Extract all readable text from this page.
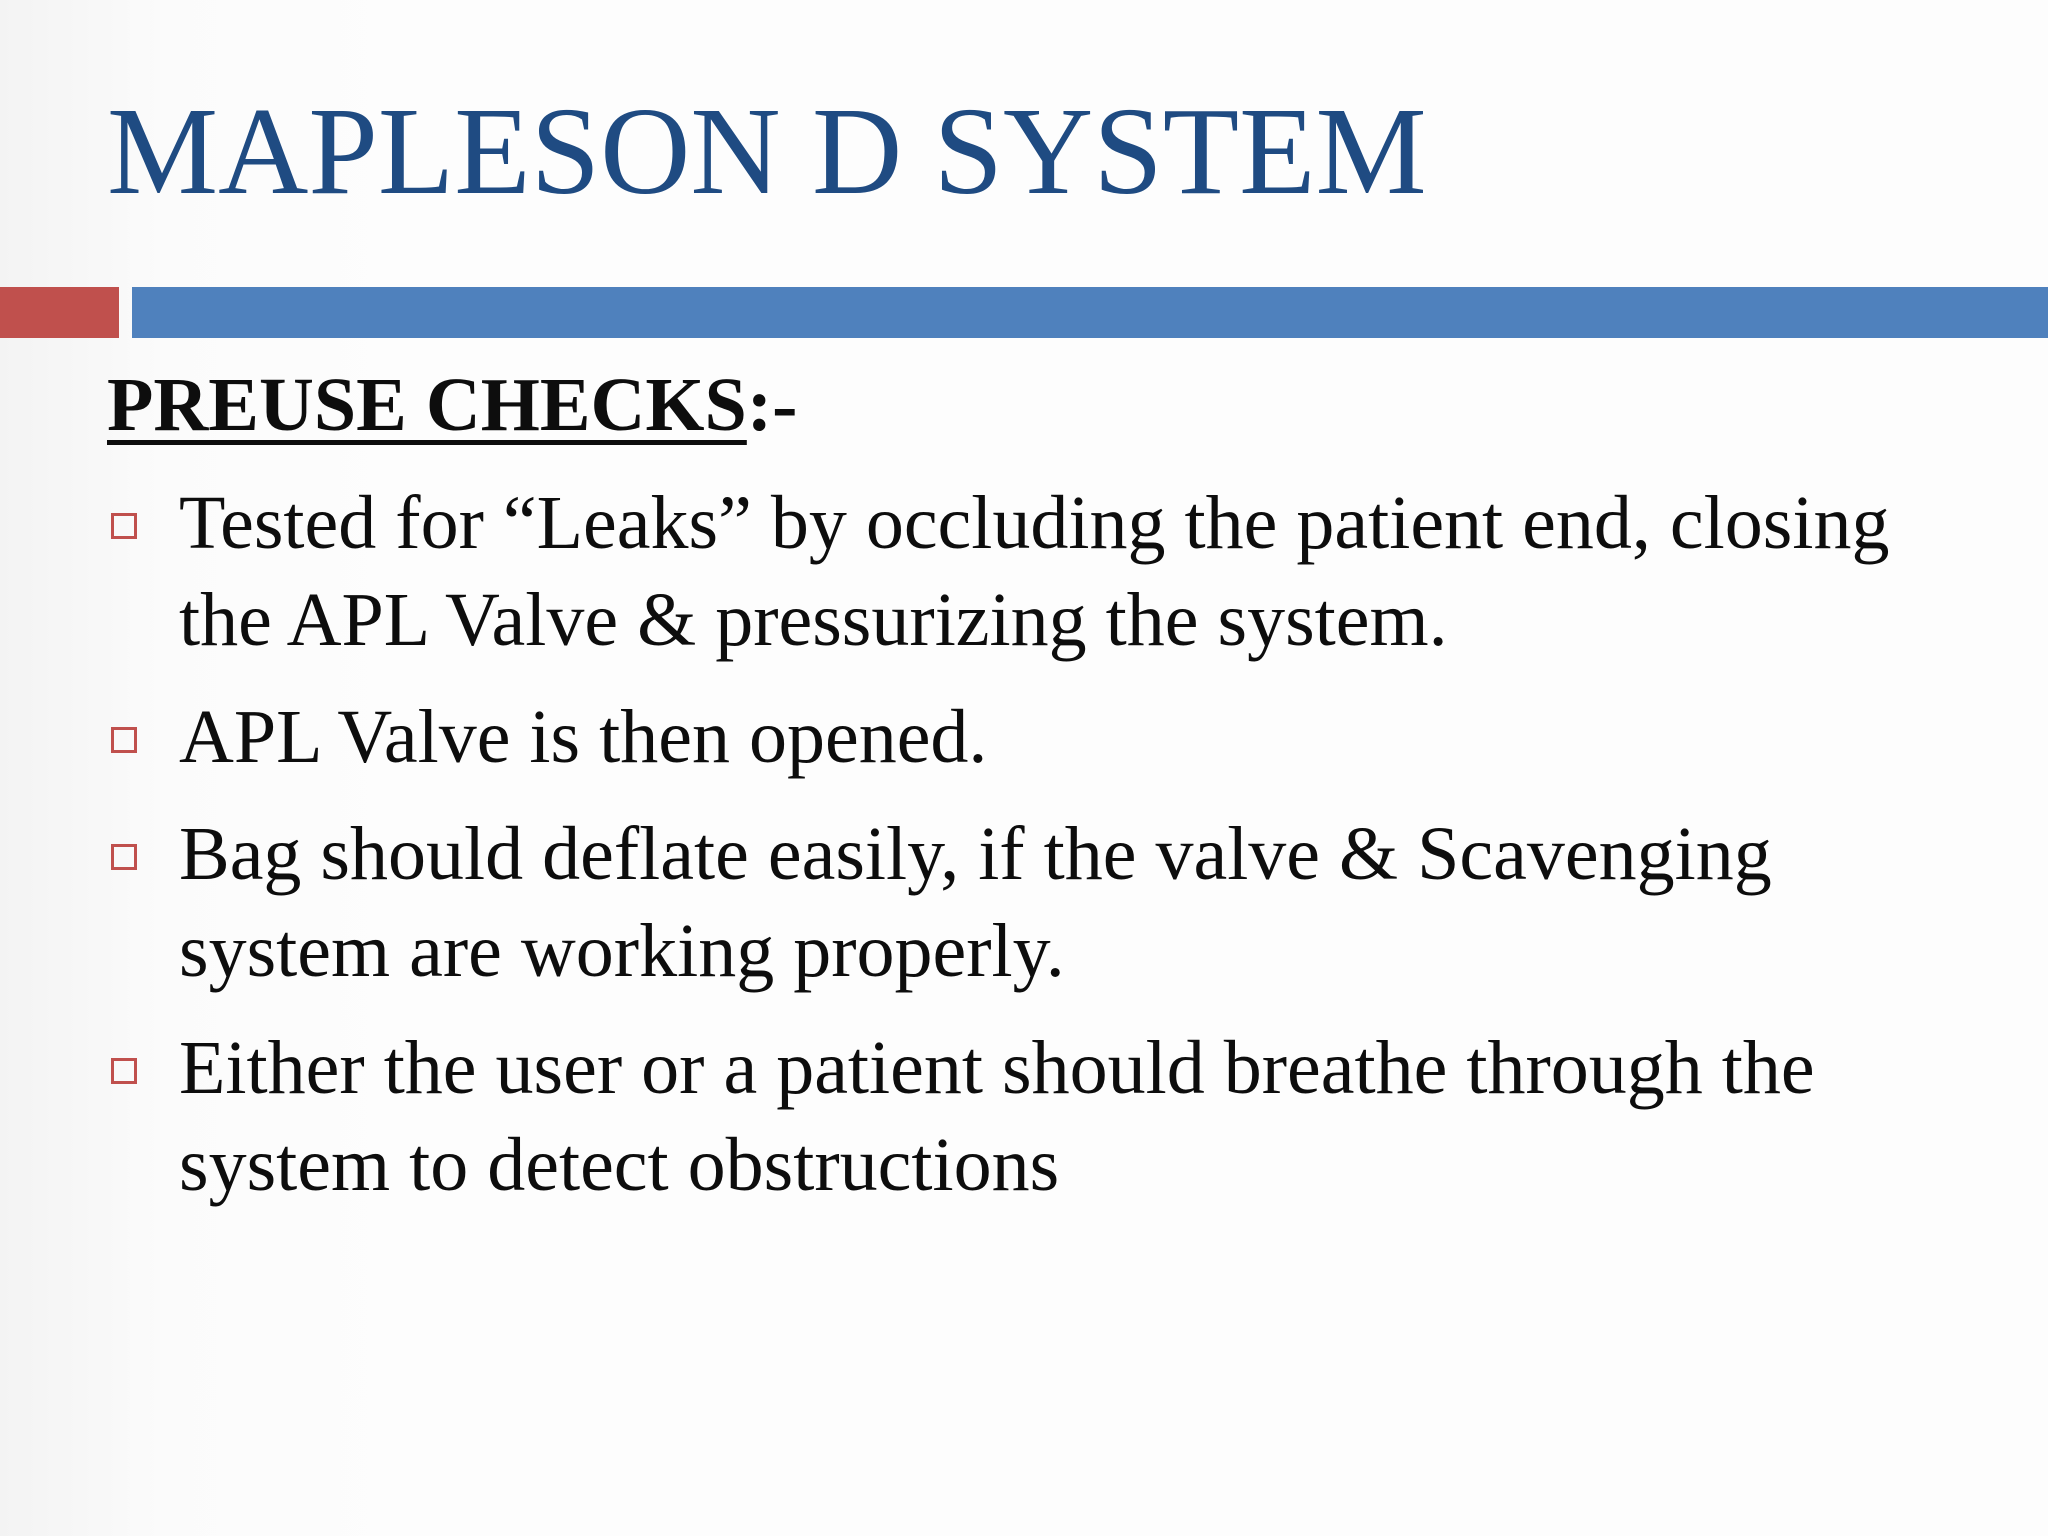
MAPLESON D SYSTEM
PREUSE CHECKS:-
Tested for “Leaks” by occluding the patient end, closing the APL Valve & pressurizing the system.
APL Valve is then opened.
Bag should deflate easily, if the valve & Scavenging system are working properly.
Either the user or a patient should breathe through the system to detect obstructions
